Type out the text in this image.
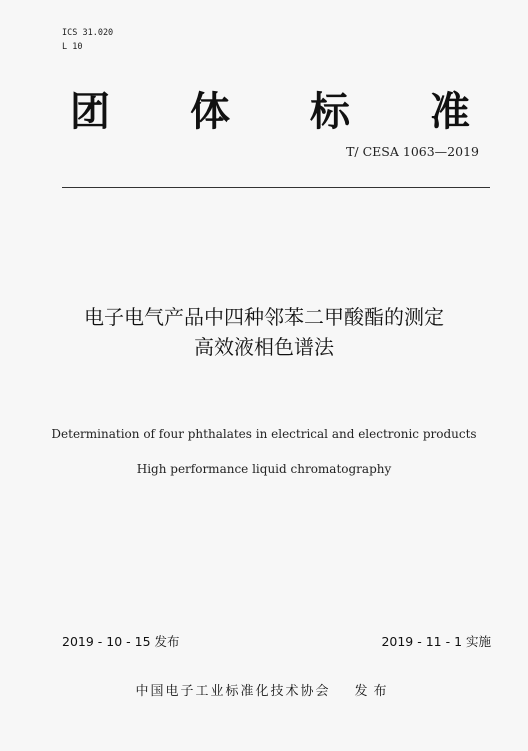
ICS 31.020
L 10
团 体 标 准
T/ CESA 1063—2019
电子电气产品中四种邻苯二甲酸酯的测定
高效液相色谱法
Determination of four phthalates in electrical and electronic products
High performance liquid chromatography
2019 - 10 - 15 发布	2019 - 11 - 1 实施
中国电子工业标准化技术协会 发布
